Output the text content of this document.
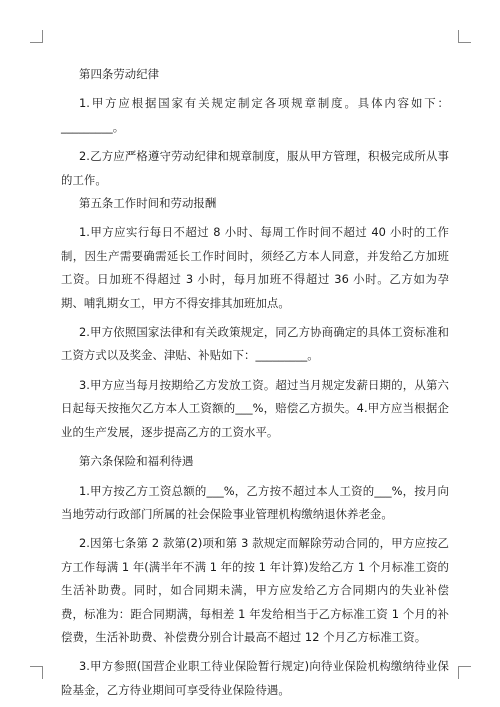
第四条劳动纪律

1.甲方应根据国家有关规定制定各项规章制度。具体内容如下：_________。

2.乙方应严格遵守劳动纪律和规章制度，服从甲方管理，积极完成所从事的工作。

第五条工作时间和劳动报酬

1.甲方应实行每日不超过 8 小时、每周工作时间不超过 40 小时的工作制，因生产需要确需延长工作时间时，须经乙方本人同意，并发给乙方加班工资。日加班不得超过 3 小时，每月加班不得超过 36 小时。乙方如为孕期、哺乳期女工，甲方不得安排其加班加点。

2.甲方依照国家法律和有关政策规定，同乙方协商确定的具体工资标准和工资方式以及奖金、津贴、补贴如下：_________。

3.甲方应当每月按期给乙方发放工资。超过当月规定发薪日期的，从第六日起每天按拖欠乙方本人工资额的___%，赔偿乙方损失。4.甲方应当根据企业的生产发展，逐步提高乙方的工资水平。

第六条保险和福利待遇

1.甲方按乙方工资总额的___%，乙方按不超过本人工资的___%，按月向当地劳动行政部门所属的社会保险事业管理机构缴纳退休养老金。

2.因第七条第 2 款第(2)项和第 3 款规定而解除劳动合同的，甲方应按乙方工作每满 1 年(满半年不满 1 年的按 1 年计算)发给乙方 1 个月标准工资的生活补助费。同时，如合同期未满，甲方应发给乙方合同期内的失业补偿费，标准为：距合同期满，每相差 1 年发给相当于乙方标准工资 1 个月的补偿费，生活补助费、补偿费分别合计最高不超过 12 个月乙方标准工资。

3.甲方参照(国营企业职工待业保险暂行规定)向待业保险机构缴纳待业保险基金，乙方待业期间可享受待业保险待遇。
